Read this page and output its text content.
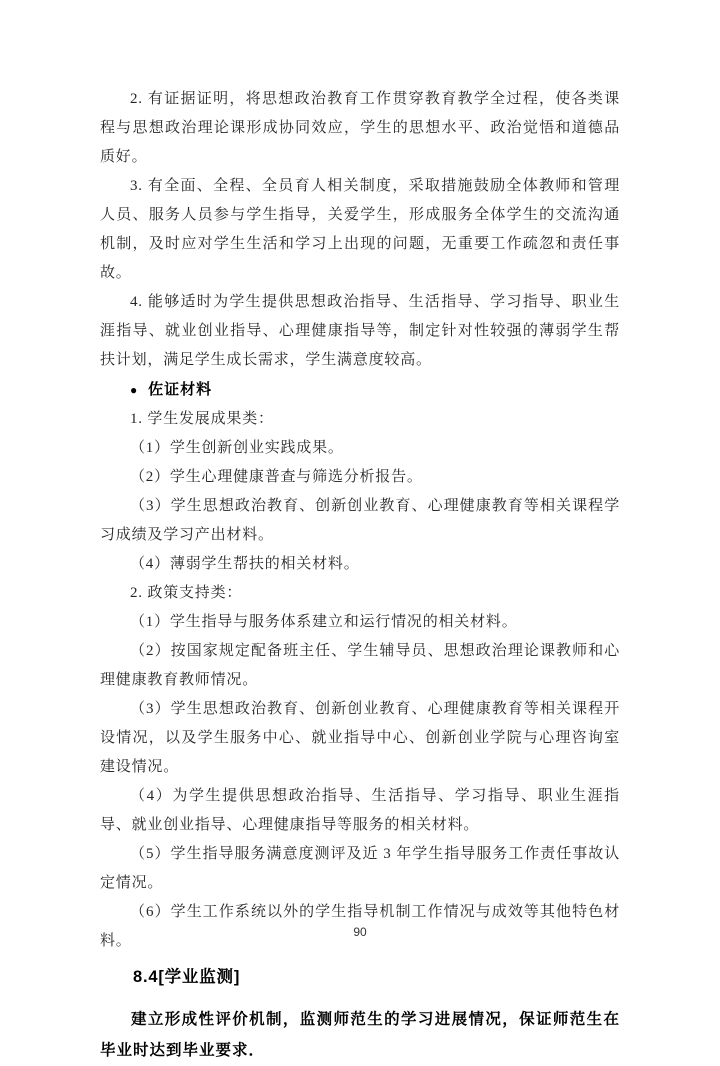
2. 有证据证明，将思想政治教育工作贯穿教育教学全过程，使各类课程与思想政治理论课形成协同效应，学生的思想水平、政治觉悟和道德品质好。

3. 有全面、全程、全员育人相关制度，采取措施鼓励全体教师和管理人员、服务人员参与学生指导，关爱学生，形成服务全体学生的交流沟通机制，及时应对学生生活和学习上出现的问题，无重要工作疏忽和责任事故。

4. 能够适时为学生提供思想政治指导、生活指导、学习指导、职业生涯指导、就业创业指导、心理健康指导等，制定针对性较强的薄弱学生帮扶计划，满足学生成长需求，学生满意度较高。

● 佐证材料

1. 学生发展成果类：

（1）学生创新创业实践成果。

（2）学生心理健康普查与筛选分析报告。

（3）学生思想政治教育、创新创业教育、心理健康教育等相关课程学习成绩及学习产出材料。

（4）薄弱学生帮扶的相关材料。

2. 政策支持类：

（1）学生指导与服务体系建立和运行情况的相关材料。

（2）按国家规定配备班主任、学生辅导员、思想政治理论课教师和心理健康教育教师情况。

（3）学生思想政治教育、创新创业教育、心理健康教育等相关课程开设情况，以及学生服务中心、就业指导中心、创新创业学院与心理咨询室建设情况。

（4）为学生提供思想政治指导、生活指导、学习指导、职业生涯指导、就业创业指导、心理健康指导等服务的相关材料。

（5）学生指导服务满意度测评及近 3 年学生指导服务工作责任事故认定情况。

（6）学生工作系统以外的学生指导机制工作情况与成效等其他特色材料。

8.4[学业监测]

建立形成性评价机制，监测师范生的学习进展情况，保证师范生在毕业时达到毕业要求．

90
